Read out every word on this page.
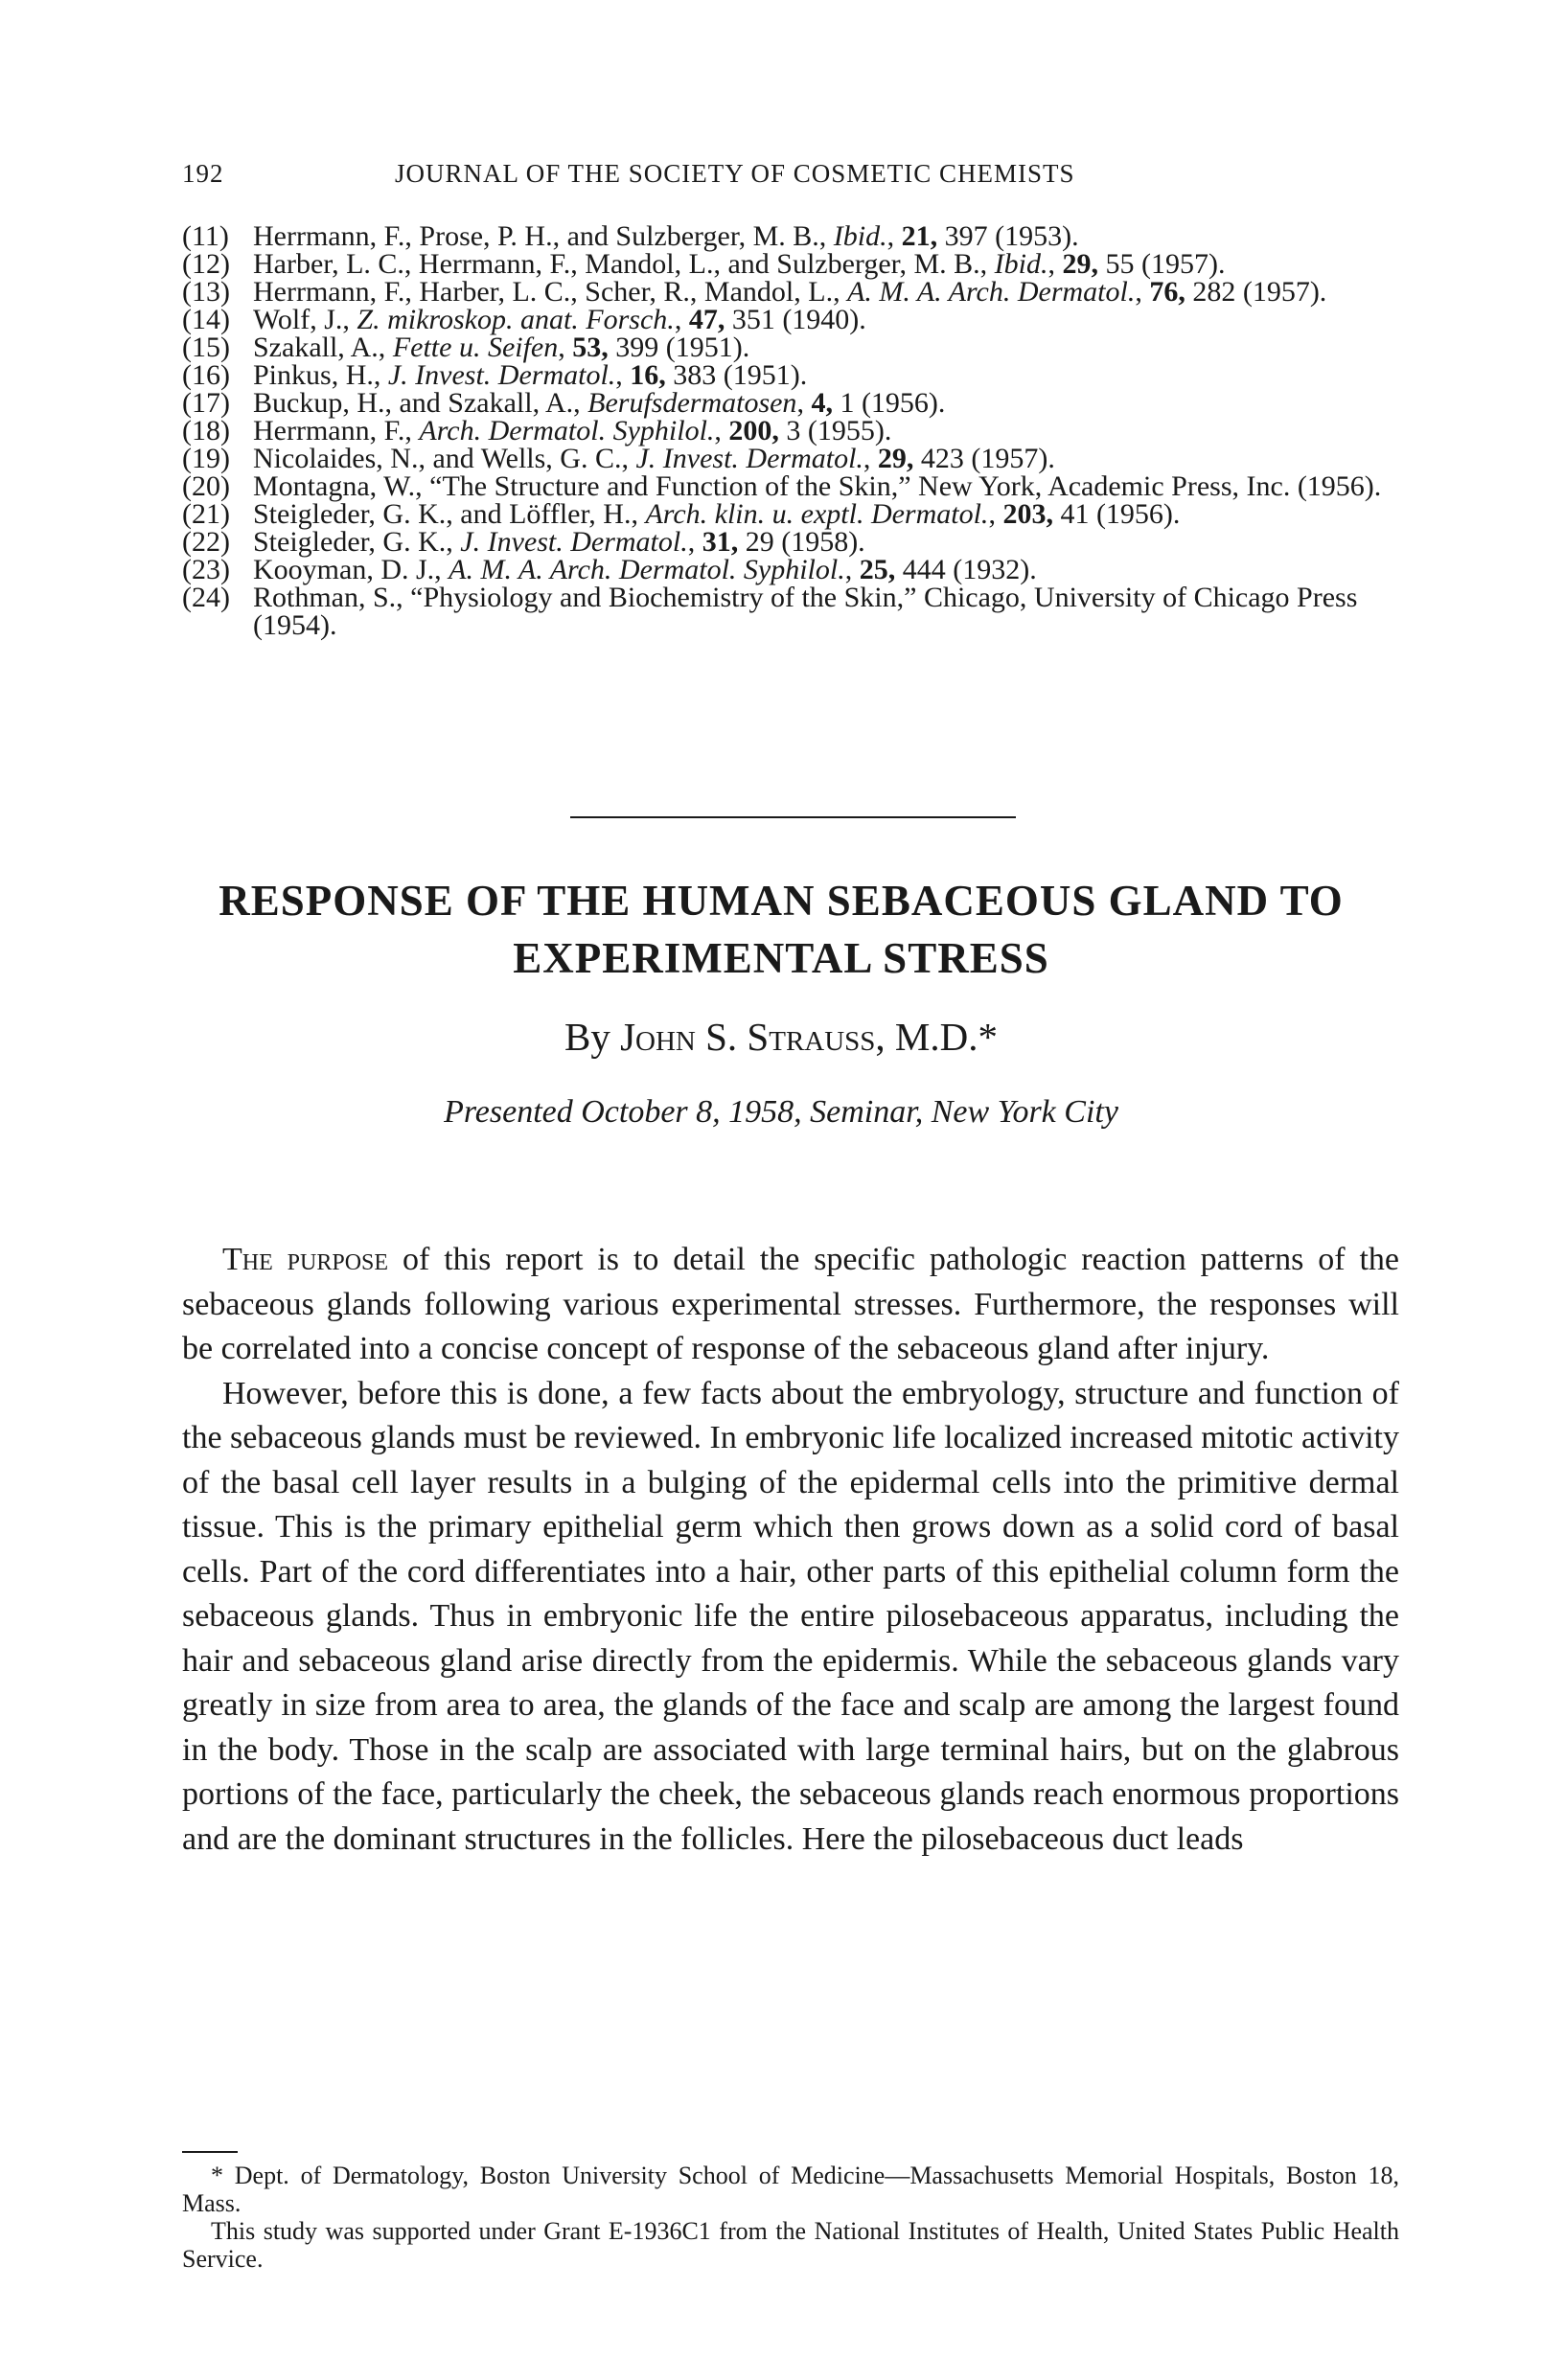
192	JOURNAL OF THE SOCIETY OF COSMETIC CHEMISTS
(11) Herrmann, F., Prose, P. H., and Sulzberger, M. B., Ibid., 21, 397 (1953).
(12) Harber, L. C., Herrmann, F., Mandol, L., and Sulzberger, M. B., Ibid., 29, 55 (1957).
(13) Herrmann, F., Harber, L. C., Scher, R., Mandol, L., A. M. A. Arch. Dermatol., 76, 282 (1957).
(14) Wolf, J., Z. mikroskop. anat. Forsch., 47, 351 (1940).
(15) Szakall, A., Fette u. Seifen, 53, 399 (1951).
(16) Pinkus, H., J. Invest. Dermatol., 16, 383 (1951).
(17) Buckup, H., and Szakall, A., Berufsdermatosen, 4, 1 (1956).
(18) Herrmann, F., Arch. Dermatol. Syphilol., 200, 3 (1955).
(19) Nicolaides, N., and Wells, G. C., J. Invest. Dermatol., 29, 423 (1957).
(20) Montagna, W., “The Structure and Function of the Skin,” New York, Academic Press, Inc. (1956).
(21) Steigleder, G. K., and Löffler, H., Arch. klin. u. exptl. Dermatol., 203, 41 (1956).
(22) Steigleder, G. K., J. Invest. Dermatol., 31, 29 (1958).
(23) Kooyman, D. J., A. M. A. Arch. Dermatol. Syphilol., 25, 444 (1932).
(24) Rothman, S., “Physiology and Biochemistry of the Skin,” Chicago, University of Chicago Press (1954).
RESPONSE OF THE HUMAN SEBACEOUS GLAND TO
EXPERIMENTAL STRESS
By John S. Strauss, M.D.*
Presented October 8, 1958, Seminar, New York City

The purpose of this report is to detail the specific pathologic reaction patterns of the sebaceous glands following various experimental stresses. Furthermore, the responses will be correlated into a concise concept of response of the sebaceous gland after injury.

However, before this is done, a few facts about the embryology, structure and function of the sebaceous glands must be reviewed. In embryonic life localized increased mitotic activity of the basal cell layer results in a bulging of the epidermal cells into the primitive dermal tissue. This is the primary epithelial germ which then grows down as a solid cord of basal cells. Part of the cord differentiates into a hair, other parts of this epithelial column form the sebaceous glands. Thus in embryonic life the entire pilosebaceous apparatus, including the hair and sebaceous gland arise directly from the epidermis. While the sebaceous glands vary greatly in size from area to area, the glands of the face and scalp are among the largest found in the body. Those in the scalp are associated with large terminal hairs, but on the glabrous portions of the face, particularly the cheek, the sebaceous glands reach enormous proportions and are the dominant structures in the follicles. Here the pilosebaceous duct leads

* Dept. of Dermatology, Boston University School of Medicine—Massachusetts Memorial Hospitals, Boston 18, Mass.

This study was supported under Grant E-1936C1 from the National Institutes of Health, United States Public Health Service.
